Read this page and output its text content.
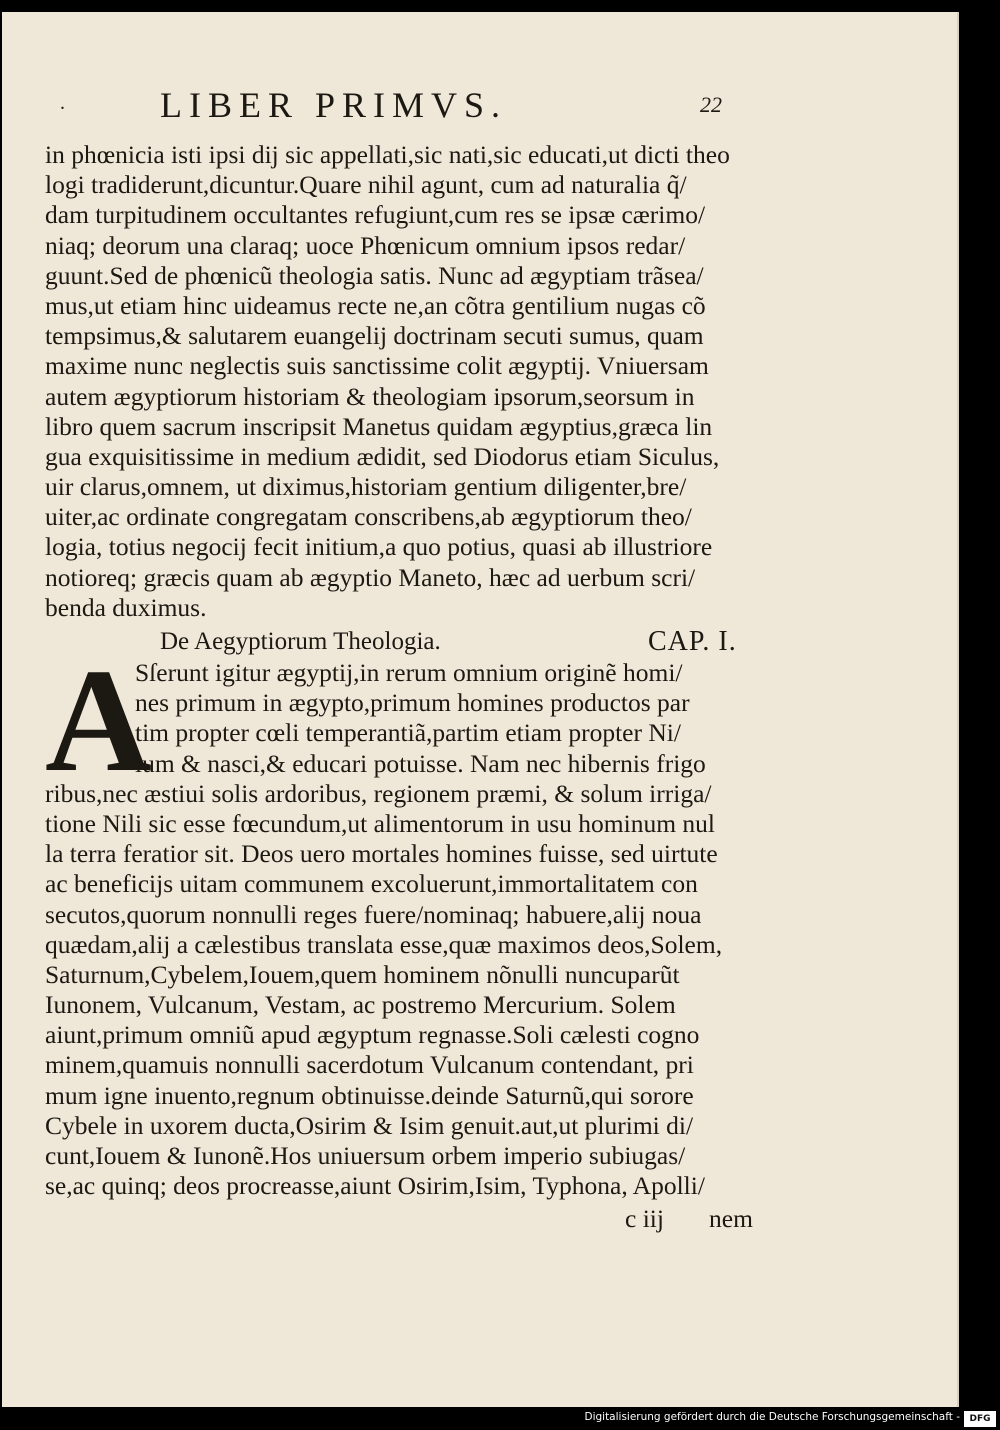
.	LIBER PRIMVS.	22
in phœnicia isti ipsi dij sic appellati,sic nati,sic educati,ut dicti theo
logi tradiderunt,dicuntur.Quare nihil agunt, cum ad naturalia q̃/
dam turpitudinem occultantes refugiunt,cum res se ipsæ cærimo/
niaq; deorum una claraq; uoce Phœnicum omnium ipsos redar/
guunt.Sed de phœnicũ theologia satis. Nunc ad ægyptiam trãsea/
mus,ut etiam hinc uideamus recte ne,an cõtra gentilium nugas cõ
tempsimus,& salutarem euangelij doctrinam secuti sumus, quam
maxime nunc neglectis suis sanctissime colit ægyptij. Vniuersam
autem ægyptiorum historiam & theologiam ipsorum,seorsum in
libro quem sacrum inscripsit Manetus quidam ægyptius,græca lin
gua exquisitissime in medium ædidit, sed Diodorus etiam Siculus,
uir clarus,omnem, ut diximus,historiam gentium diligenter,bre/
uiter,ac ordinate congregatam conscribens,ab ægyptiorum theo/
logia, totius negocij fecit initium,a quo potius, quasi ab illustriore
notioreq; græcis quam ab ægyptio Maneto, hæc ad uerbum scri/
benda duximus.
De Aegyptiorum Theologia.	CAP. I.
A
Sſerunt igitur ægyptij,in rerum omnium originẽ homi/
nes primum in ægypto,primum homines productos par
tim propter cœli temperantiã,partim etiam propter Ni/
lum & nasci,& educari potuisse. Nam nec hibernis frigo
ribus,nec æstiui solis ardoribus, regionem præmi, & solum irriga/
tione Nili sic esse fœcundum,ut alimentorum in usu hominum nul
la terra feratior sit. Deos uero mortales homines fuisse, sed uirtute
ac beneficijs uitam communem excoluerunt,immortalitatem con
secutos,quorum nonnulli reges fuere/nominaq; habuere,alij noua
quædam,alij a cælestibus translata esse,quæ maximos deos,Solem,
Saturnum,Cybelem,Iouem,quem hominem nõnulli nuncuparũt
Iunonem, Vulcanum, Vestam, ac postremo Mercurium. Solem
aiunt,primum omniũ apud ægyptum regnasse.Soli cælesti cogno
minem,quamuis nonnulli sacerdotum Vulcanum contendant, pri
mum igne inuento,regnum obtinuisse.deinde Saturnũ,qui sorore
Cybele in uxorem ducta,Osirim & Isim genuit.aut,ut plurimi di/
cunt,Iouem & Iunonẽ.Hos uniuersum orbem imperio subiugas/
se,ac quinq; deos procreasse,aiunt Osirim,Isim, Typhona, Apolli/
c iij nem
Digitalisierung gefördert durch die Deutsche Forschungsgemeinschaft -	DFG
